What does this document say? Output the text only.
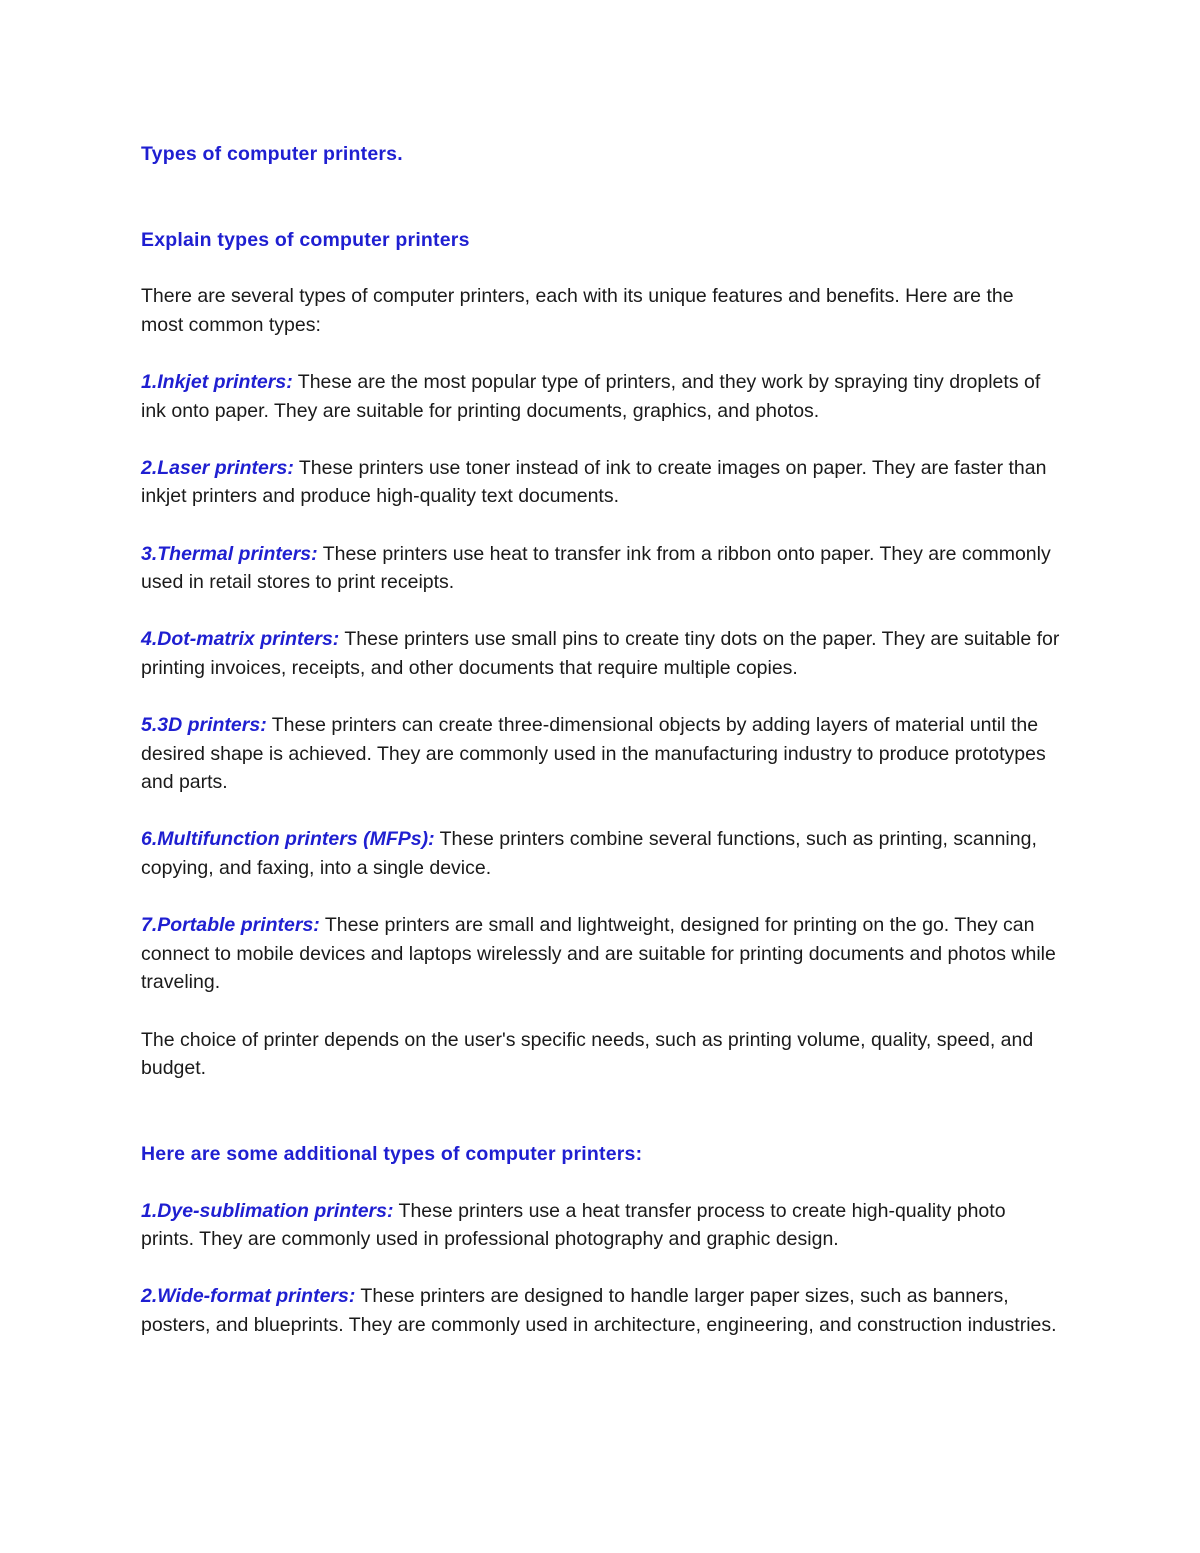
Types of computer printers.
Explain types of computer printers

There are several types of computer printers, each with its unique features and benefits. Here are the most common types:

1.Inkjet printers: These are the most popular type of printers, and they work by spraying tiny droplets of ink onto paper. They are suitable for printing documents, graphics, and photos.

2.Laser printers: These printers use toner instead of ink to create images on paper. They are faster than inkjet printers and produce high-quality text documents.

3.Thermal printers: These printers use heat to transfer ink from a ribbon onto paper. They are commonly used in retail stores to print receipts.

4.Dot-matrix printers: These printers use small pins to create tiny dots on the paper. They are suitable for printing invoices, receipts, and other documents that require multiple copies.

5.3D printers: These printers can create three-dimensional objects by adding layers of material until the desired shape is achieved. They are commonly used in the manufacturing industry to produce prototypes and parts.

6.Multifunction printers (MFPs): These printers combine several functions, such as printing, scanning, copying, and faxing, into a single device.

7.Portable printers: These printers are small and lightweight, designed for printing on the go. They can connect to mobile devices and laptops wirelessly and are suitable for printing documents and photos while traveling.

The choice of printer depends on the user's specific needs, such as printing volume, quality, speed, and budget.

Here are some additional types of computer printers:

1.Dye-sublimation printers: These printers use a heat transfer process to create high-quality photo prints. They are commonly used in professional photography and graphic design.

2.Wide-format printers: These printers are designed to handle larger paper sizes, such as banners, posters, and blueprints. They are commonly used in architecture, engineering, and construction industries.
